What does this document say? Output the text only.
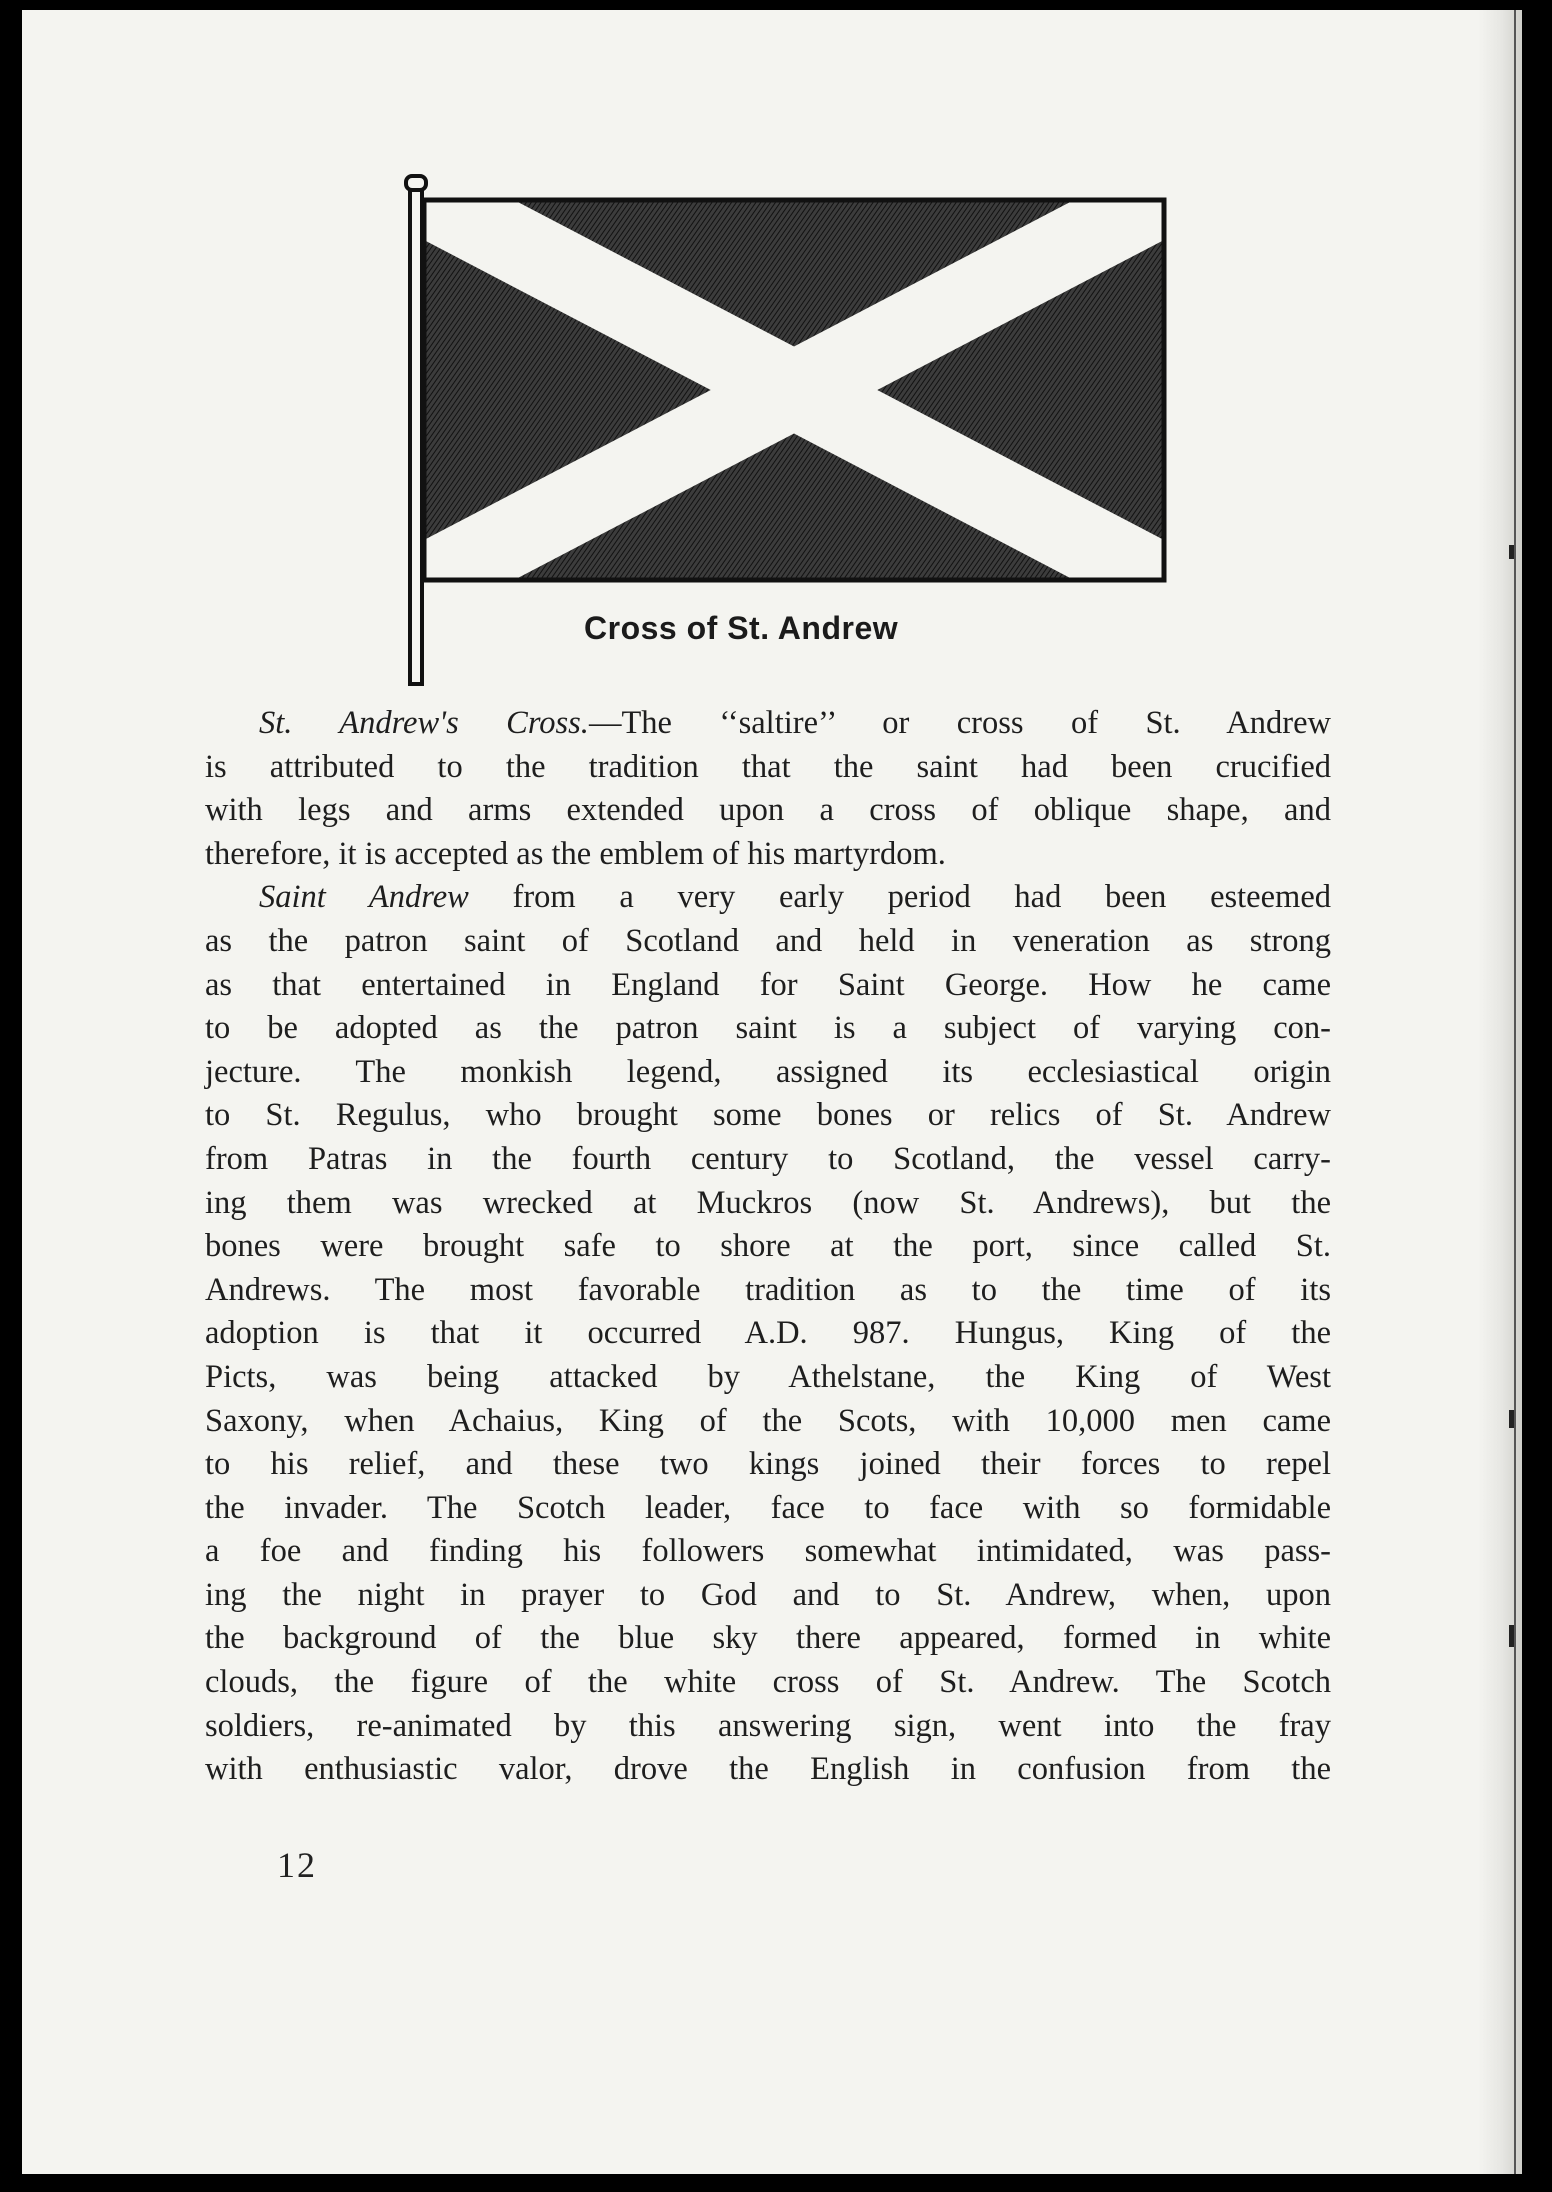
Cross of St. Andrew
St. Andrew's Cross.—The ‘‘saltire’’ or cross of St. Andrew
is attributed to the tradition that the saint had been crucified
with legs and arms extended upon a cross of oblique shape, and
therefore, it is accepted as the emblem of his martyrdom.
Saint Andrew from a very early period had been esteemed
as the patron saint of Scotland and held in veneration as strong
as that entertained in England for Saint George. How he came
to be adopted as the patron saint is a subject of varying con-
jecture. The monkish legend, assigned its ecclesiastical origin
to St. Regulus, who brought some bones or relics of St. Andrew
from Patras in the fourth century to Scotland, the vessel carry-
ing them was wrecked at Muckros (now St. Andrews), but the
bones were brought safe to shore at the port, since called St.
Andrews. The most favorable tradition as to the time of its
adoption is that it occurred A.D. 987. Hungus, King of the
Picts, was being attacked by Athelstane, the King of West
Saxony, when Achaius, King of the Scots, with 10,000 men came
to his relief, and these two kings joined their forces to repel
the invader. The Scotch leader, face to face with so formidable
a foe and finding his followers somewhat intimidated, was pass-
ing the night in prayer to God and to St. Andrew, when, upon
the background of the blue sky there appeared, formed in white
clouds, the figure of the white cross of St. Andrew. The Scotch
soldiers, re-animated by this answering sign, went into the fray
with enthusiastic valor, drove the English in confusion from the
12
